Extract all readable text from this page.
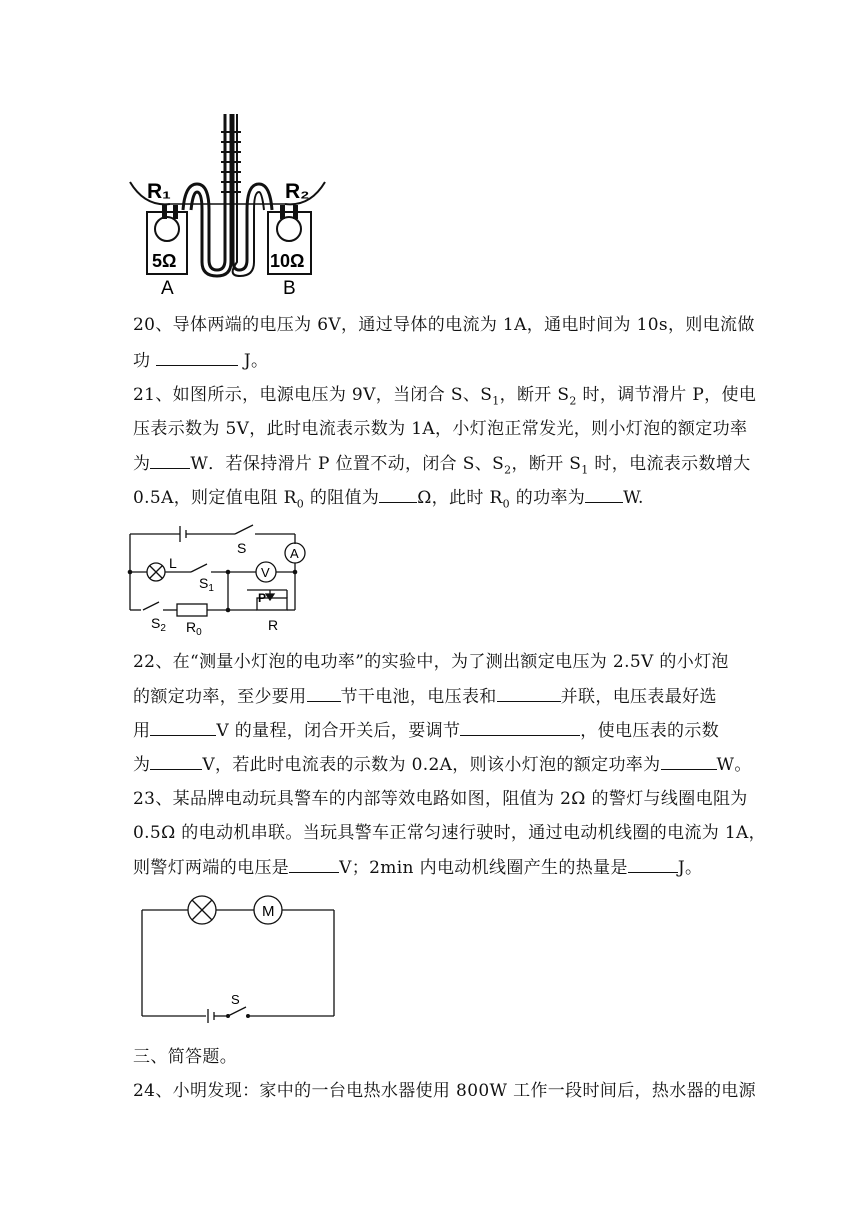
R₁	R₂
5Ω	10Ω
A	B
20、导体两端的电压为 6V，通过导体的电流为 1A，通电时间为 10s，则电流做
功	J。
21、如图所示，电源电压为 9V，当闭合 S、$S_1$，断开 $S_2$ 时，调节滑片 P，使电
压表示数为 5V，此时电流表示数为 1A，小灯泡正常发光，则小灯泡的额定功率
为 W．若保持滑片 P 位置不动，闭合 S、$S_2$，断开 $S_1$ 时，电流表示数增大
0.5A，则定值电阻 $R_0$ 的阻值为 Ω，此时 $R_0$ 的功率为 W.
S	A
L
$S_1$
V
P
$S_2$ $R_0$	R
22、在“测量小灯泡的电功率”的实验中，为了测出额定电压为 2.5V 的小灯泡
的额定功率，至少要用 节干电池，电压表和	并联，电压表最好选
用	V 的量程，闭合开关后，要调节	，使电压表的示数
为	V，若此时电流表的示数为 0.2A，则该小灯泡的额定功率为	W。
23、某品牌电动玩具警车的内部等效电路如图，阻值为 2Ω 的警灯与线圈电阻为
0.5Ω 的电动机串联。当玩具警车正常匀速行驶时，通过电动机线圈的电流为 1A，
则警灯两端的电压是	V；2min 内电动机线圈产生的热量是	J。
M
S
三、简答题。
24、小明发现：家中的一台电热水器使用 800W 工作一段时间后，热水器的电源
